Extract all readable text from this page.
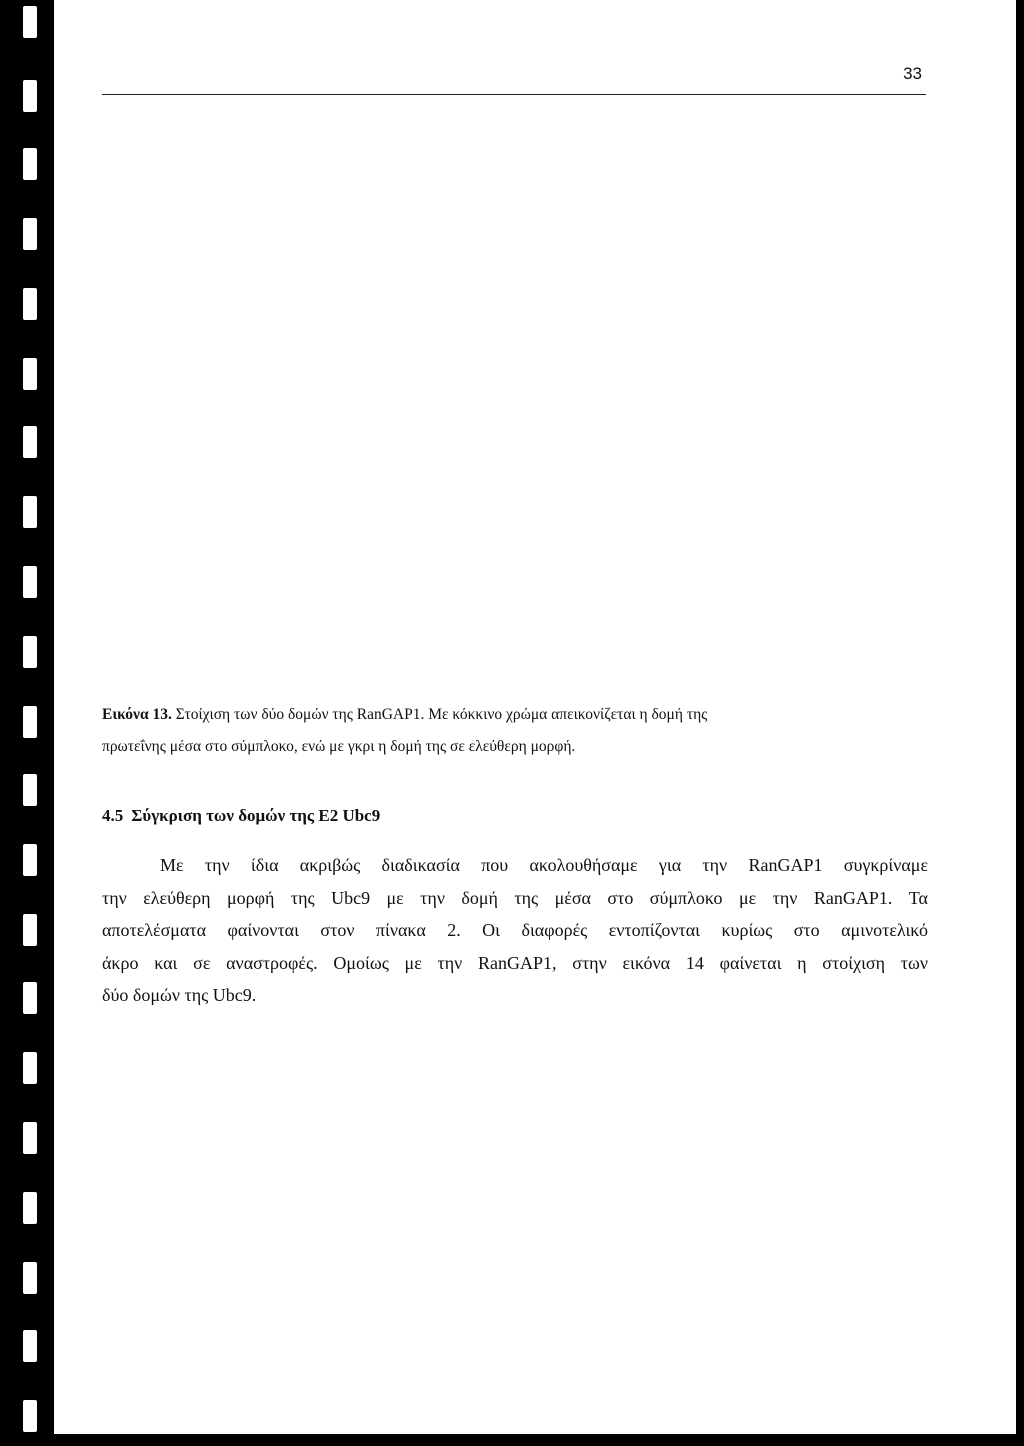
33
Εικόνα 13. Στοίχιση των δύο δομών της RanGAP1. Με κόκκινο χρώμα απεικονίζεται η δομή της
πρωτεΐνης μέσα στο σύμπλοκο, ενώ με γκρι η δομή της σε ελεύθερη μορφή.
4.5 Σύγκριση των δομών της Ε2 Ubc9
Με την ίδια ακριβώς διαδικασία που ακολουθήσαμε για την RanGAP1 συγκρίναμε
την ελεύθερη μορφή της Ubc9 με την δομή της μέσα στο σύμπλοκο με την RanGAP1. Τα
αποτελέσματα φαίνονται στον πίνακα 2. Οι διαφορές εντοπίζονται κυρίως στο αμινοτελικό
άκρο και σε αναστροφές. Ομοίως με την RanGAP1, στην εικόνα 14 φαίνεται η στοίχιση των
δύο δομών της Ubc9.
